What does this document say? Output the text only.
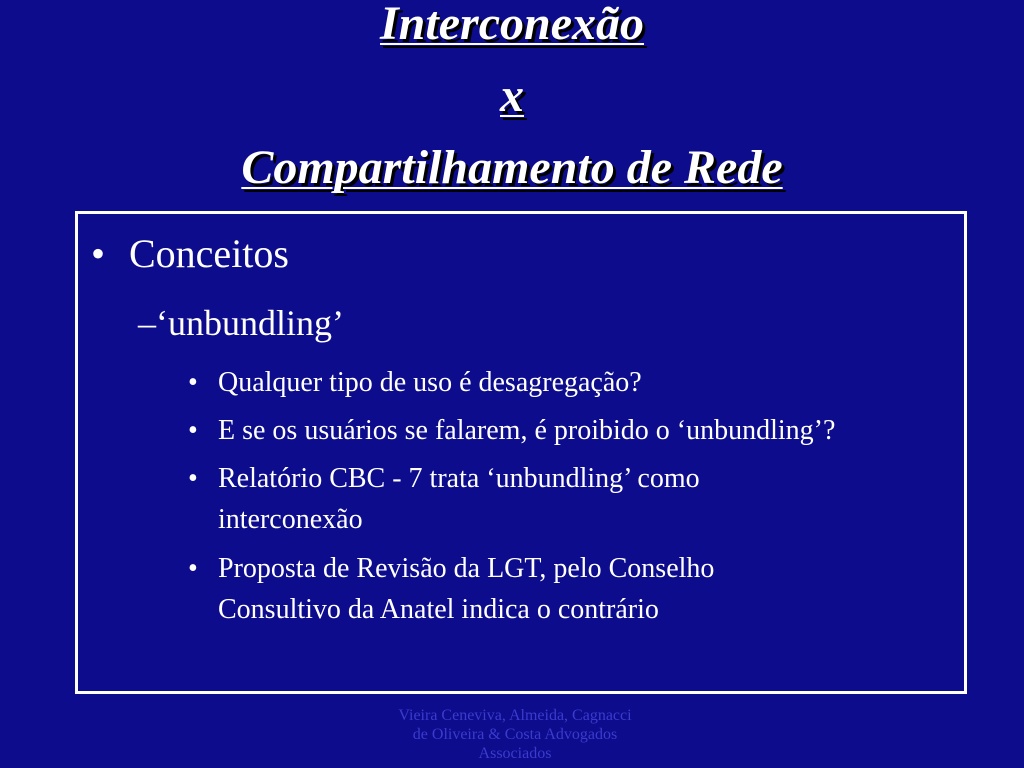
Interconexão
x
Compartilhamento de Rede
• Conceitos
–‘unbundling’
• Qualquer tipo de uso é desagregação?
• E se os usuários se falarem, é proibido o ‘unbundling’?
• Relatório CBC - 7 trata ‘unbundling’ como interconexão
• Proposta de Revisão da LGT, pelo Conselho Consultivo da Anatel indica o contrário
Vieira Ceneviva, Almeida, Cagnacci
de Oliveira & Costa Advogados
Associados
